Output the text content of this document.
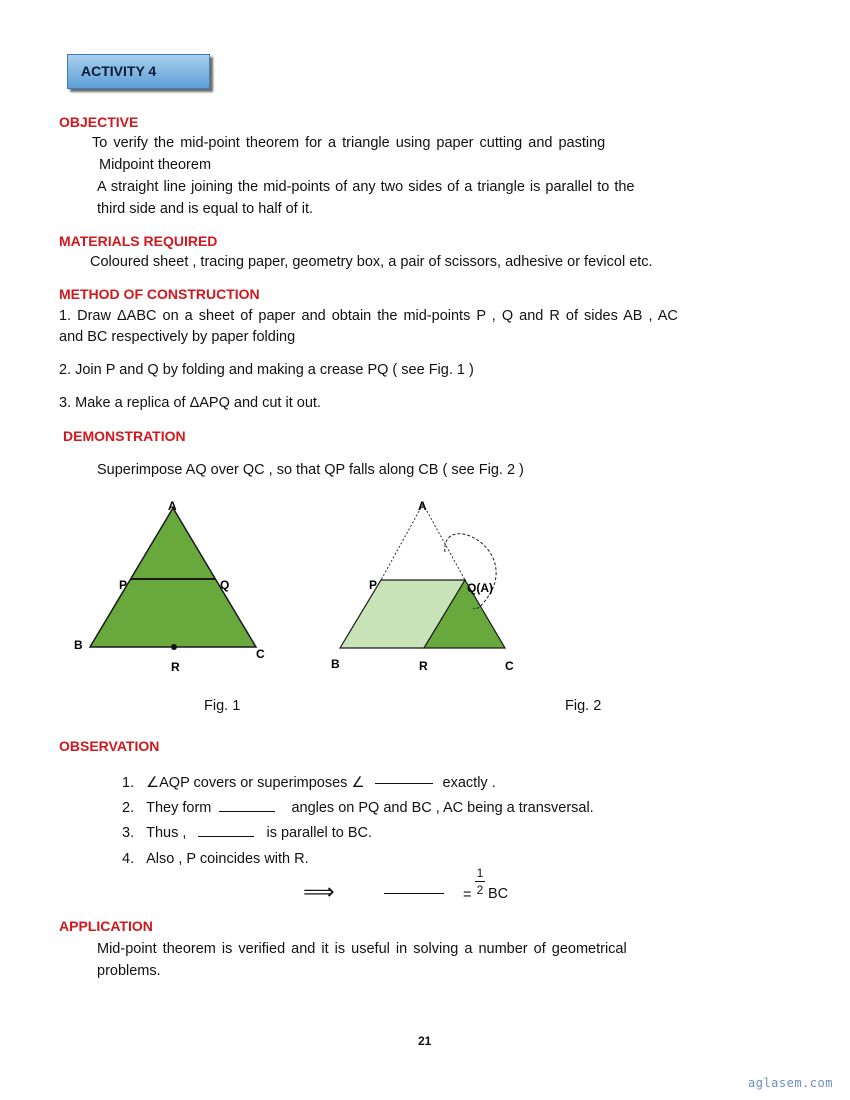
ACTIVITY 4
OBJECTIVE
To verify the mid-point theorem for a triangle using paper cutting and pasting
Midpoint theorem
A straight line joining the mid-points of any two sides of a triangle is parallel to the
third side and is equal to half of it.
MATERIALS REQUIRED
Coloured sheet , tracing paper, geometry box, a pair of scissors, adhesive or fevicol etc.
METHOD OF CONSTRUCTION
1. Draw ΔABC on a sheet of paper and obtain the mid-points P , Q and R of sides AB , AC
and BC respectively by paper folding
2. Join P and Q by folding and making a crease PQ ( see Fig. 1 )
3. Make a replica of ΔAPQ and cut it out.
DEMONSTRATION
Superimpose AQ over QC , so that QP falls along CB ( see Fig. 2 )
A
P	Q
B
C
R
A
P	Q(A)
B	R	C
Fig. 1	Fig. 2
OBSERVATION
1. ∠AQP covers or superimposes ∠	exactly .
2. They form	angles on PQ and BC , AC being a transversal.
3. Thus ,	is parallel to BC.
4. Also , P coincides with R.
⟹	=
1
2 BC
APPLICATION
Mid-point theorem is verified and it is useful in solving a number of geometrical
problems.
21
aglasem.com
